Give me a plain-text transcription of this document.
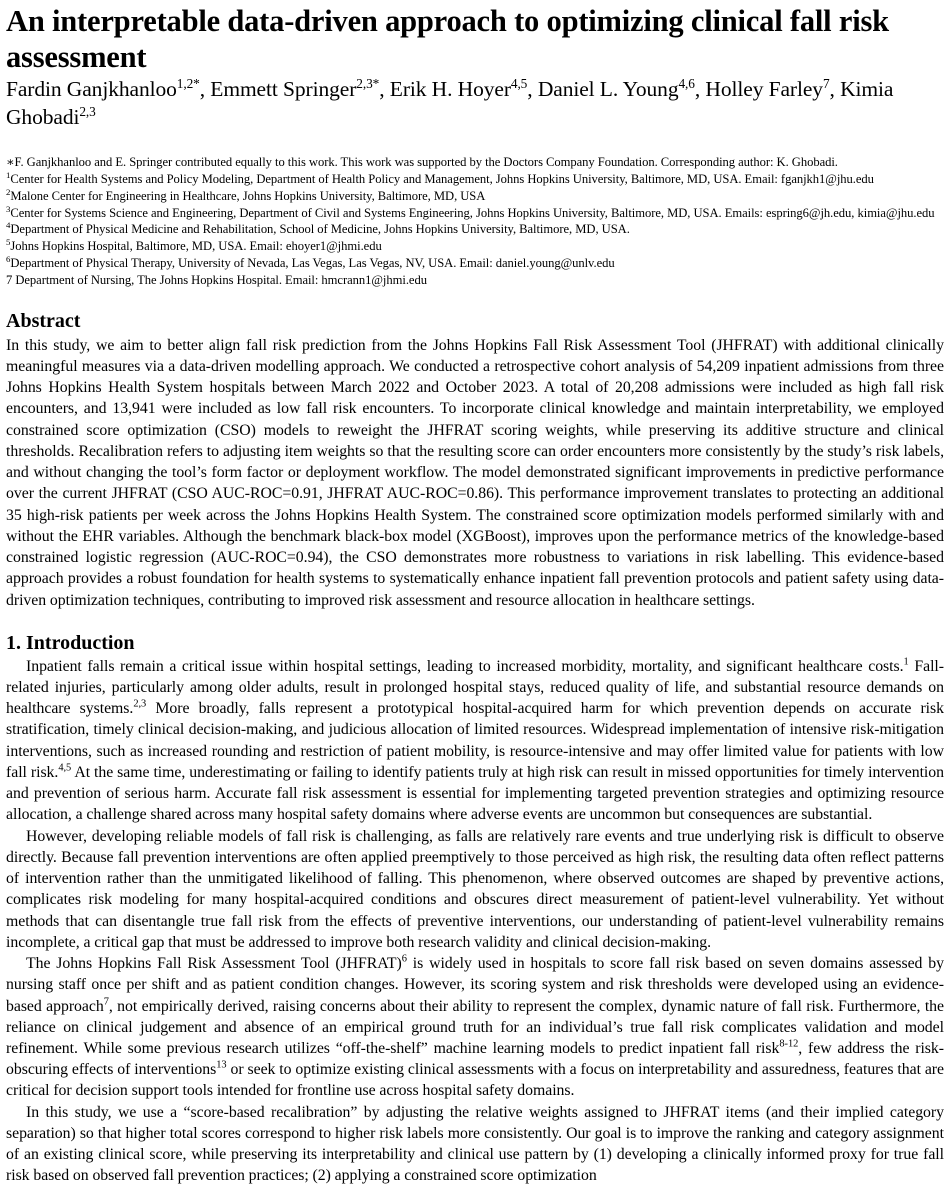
An interpretable data-driven approach to optimizing clinical fall risk assessment
Fardin Ganjkhanloo$^{1,2*}$, Emmett Springer$^{2,3*}$, Erik H. Hoyer$^{4,5}$, Daniel L. Young$^{4,6}$, Holley Farley$^7$, Kimia Ghobadi$^{2,3}$
∗F. Ganjkhanloo and E. Springer contributed equally to this work. This work was supported by the Doctors Company Foundation. Corresponding author: K. Ghobadi.
$^1$Center for Health Systems and Policy Modeling, Department of Health Policy and Management, Johns Hopkins University, Baltimore, MD, USA. Email: fganjkh1@jhu.edu
$^2$Malone Center for Engineering in Healthcare, Johns Hopkins University, Baltimore, MD, USA
$^3$Center for Systems Science and Engineering, Department of Civil and Systems Engineering, Johns Hopkins University, Baltimore, MD, USA. Emails: espring6@jh.edu, kimia@jhu.edu
$^4$Department of Physical Medicine and Rehabilitation, School of Medicine, Johns Hopkins University, Baltimore, MD, USA.
$^5$Johns Hopkins Hospital, Baltimore, MD, USA. Email: ehoyer1@jhmi.edu
$^6$Department of Physical Therapy, University of Nevada, Las Vegas, Las Vegas, NV, USA. Email: daniel.young@unlv.edu
7 Department of Nursing, The Johns Hopkins Hospital. Email: hmcrann1@jhmi.edu
Abstract

In this study, we aim to better align fall risk prediction from the Johns Hopkins Fall Risk Assessment Tool (JHFRAT) with additional clinically meaningful measures via a data-driven modelling approach. We conducted a retrospective cohort analysis of 54,209 inpatient admissions from three Johns Hopkins Health System hospitals between March 2022 and October 2023. A total of 20,208 admissions were included as high fall risk encounters, and 13,941 were included as low fall risk encounters. To incorporate clinical knowledge and maintain interpretability, we employed constrained score optimization (CSO) models to reweight the JHFRAT scoring weights, while preserving its additive structure and clinical thresholds. Recalibration refers to adjusting item weights so that the resulting score can order encounters more consistently by the study’s risk labels, and without changing the tool’s form factor or deployment workflow. The model demonstrated significant improvements in predictive performance over the current JHFRAT (CSO AUC-ROC=0.91, JHFRAT AUC-ROC=0.86). This performance improvement translates to protecting an additional 35 high-risk patients per week across the Johns Hopkins Health System. The constrained score optimization models performed similarly with and without the EHR variables. Although the benchmark black-box model (XGBoost), improves upon the performance metrics of the knowledge-based constrained logistic regression (AUC-ROC=0.94), the CSO demonstrates more robustness to variations in risk labelling. This evidence-based approach provides a robust foundation for health systems to systematically enhance inpatient fall prevention protocols and patient safety using data-driven optimization techniques, contributing to improved risk assessment and resource allocation in healthcare settings.

1. Introduction

Inpatient falls remain a critical issue within hospital settings, leading to increased morbidity, mortality, and significant healthcare costs.$^1$ Fall-related injuries, particularly among older adults, result in prolonged hospital stays, reduced quality of life, and substantial resource demands on healthcare systems.$^{2,3}$ More broadly, falls represent a prototypical hospital-acquired harm for which prevention depends on accurate risk stratification, timely clinical decision-making, and judicious allocation of limited resources. Widespread implementation of intensive risk-mitigation interventions, such as increased rounding and restriction of patient mobility, is resource-intensive and may offer limited value for patients with low fall risk.$^{4,5}$ At the same time, underestimating or failing to identify patients truly at high risk can result in missed opportunities for timely intervention and prevention of serious harm. Accurate fall risk assessment is essential for implementing targeted prevention strategies and optimizing resource allocation, a challenge shared across many hospital safety domains where adverse events are uncommon but consequences are substantial.

However, developing reliable models of fall risk is challenging, as falls are relatively rare events and true underlying risk is difficult to observe directly. Because fall prevention interventions are often applied preemptively to those perceived as high risk, the resulting data often reflect patterns of intervention rather than the unmitigated likelihood of falling. This phenomenon, where observed outcomes are shaped by preventive actions, complicates risk modeling for many hospital-acquired conditions and obscures direct measurement of patient-level vulnerability. Yet without methods that can disentangle true fall risk from the effects of preventive interventions, our understanding of patient-level vulnerability remains incomplete, a critical gap that must be addressed to improve both research validity and clinical decision-making.

The Johns Hopkins Fall Risk Assessment Tool (JHFRAT)$^6$ is widely used in hospitals to score fall risk based on seven domains assessed by nursing staff once per shift and as patient condition changes. However, its scoring system and risk thresholds were developed using an evidence-based approach$^7$, not empirically derived, raising concerns about their ability to represent the complex, dynamic nature of fall risk. Furthermore, the reliance on clinical judgement and absence of an empirical ground truth for an individual’s true fall risk complicates validation and model refinement. While some previous research utilizes “off-the-shelf” machine learning models to predict inpatient fall risk$^{8-12}$, few address the risk-obscuring effects of interventions$^{13}$ or seek to optimize existing clinical assessments with a focus on interpretability and assuredness, features that are critical for decision support tools intended for frontline use across hospital safety domains.

In this study, we use a “score-based recalibration” by adjusting the relative weights assigned to JHFRAT items (and their implied category separation) so that higher total scores correspond to higher risk labels more consistently. Our goal is to improve the ranking and category assignment of an existing clinical score, while preserving its interpretability and clinical use pattern by (1) developing a clinically informed proxy for true fall risk based on observed fall prevention practices; (2) applying a constrained score optimization
